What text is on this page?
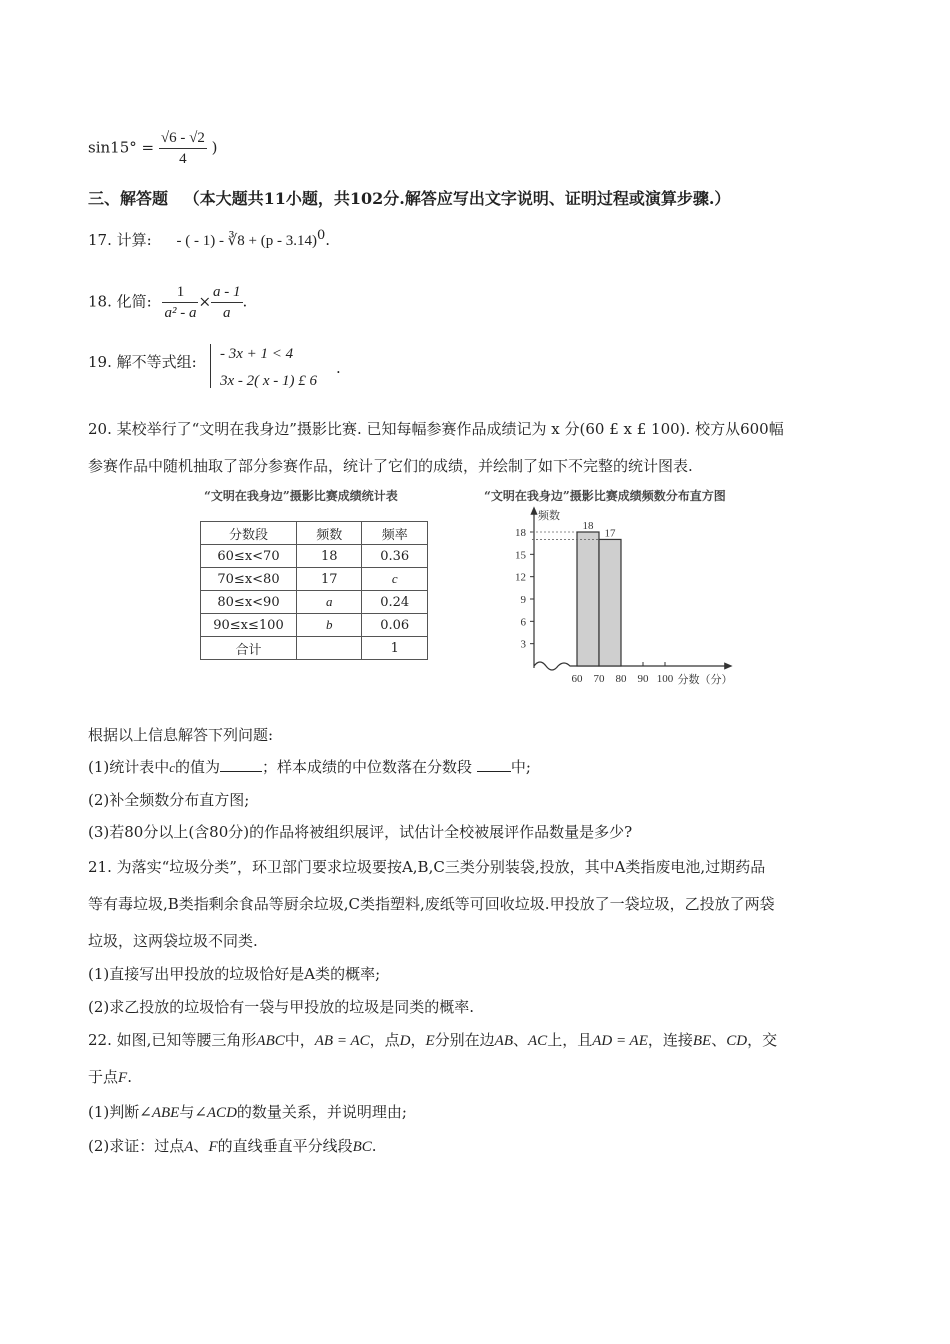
$\sin 15^\circ = \frac{√6 - √2}{4}$ )
三、解答题 （本大题共11小题，共102分.解答应写出文字说明、证明过程或演算步骤.）
17. 计算: - ( - 1) - ∛8 + (p - 3.14)$^0$.
18. 化简: $\frac{1}{\text{a² - a}} \times \frac{a - 1}{a}$ .
19. 解不等式组: - 3x + 1 < 4
3x - 2( x - 1) £ 6
.
20. 某校举行了“文明在我身边”摄影比赛. 已知每幅参赛作品成绩记为 x 分(60 £ x £ 100). 校方从600幅
参赛作品中随机抽取了部分参赛作品，统计了它们的成绩，并绘制了如下不完整的统计图表.
“文明在我身边”摄影比赛成绩统计表
分数段	频数	频率
60≤x<70	18	0.36
70≤x<80	17	c
80≤x<90	a	0.24
90≤x≤100	b	0.06
合计		1
“文明在我身边”摄影比赛成绩频数分布直方图
3
6
9
12
15
18
频数
60 70 80 90 100 分数（分）
18
17
根据以上信息解答下列问题:
(1)统计表中c的值为	；样本成绩的中位数落在分数段	中;
(2)补全频数分布直方图;
(3)若80分以上(含80分)的作品将被组织展评，试估计全校被展评作品数量是多少?
21. 为落实“垃圾分类”，环卫部门要求垃圾要按A,B,C三类分别装袋,投放，其中A类指废电池,过期药品
等有毒垃圾,B类指剩余食品等厨余垃圾,C类指塑料,废纸等可回收垃圾.甲投放了一袋垃圾，乙投放了两袋
垃圾，这两袋垃圾不同类.
(1)直接写出甲投放的垃圾恰好是A类的概率;
(2)求乙投放的垃圾恰有一袋与甲投放的垃圾是同类的概率.
22. 如图,已知等腰三角形ABC中，AB = AC，点D，E分别在边AB、AC上，且AD = AE，连接BE、CD，交
于点F.
(1)判断∠ABE与∠ACD的数量关系，并说明理由;
(2)求证：过点A、F的直线垂直平分线段BC.
